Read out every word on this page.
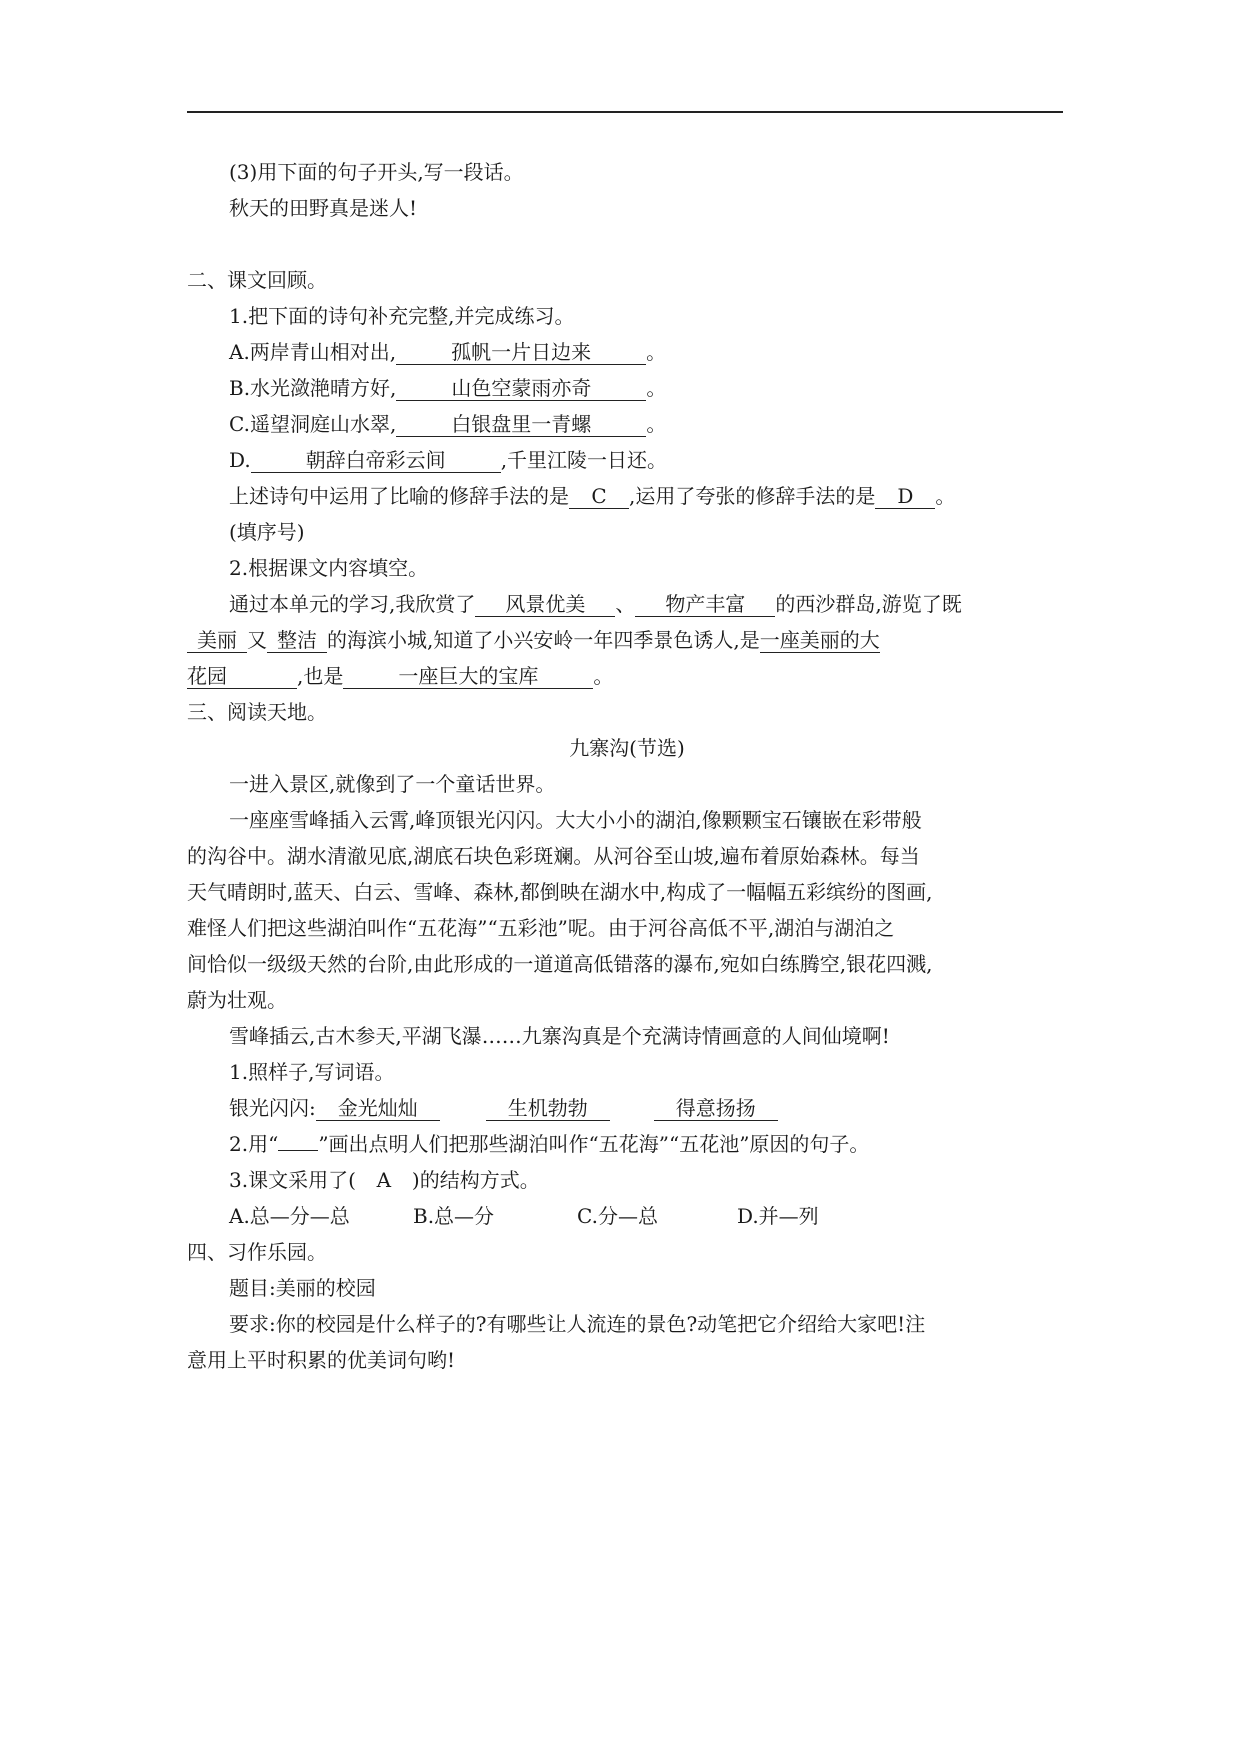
(3)用下面的句子开头,写一段话。
秋天的田野真是迷人!
二、课文回顾。
1.把下面的诗句补充完整,并完成练习。
A.两岸青山相对出,	孤帆一片日边来	。
B.水光潋滟晴方好,	山色空蒙雨亦奇	。
C.遥望洞庭山水翠,	白银盘里一青螺	。
D.	朝辞白帝彩云间	,千里江陵一日还。
上述诗句中运用了比喻的修辞手法的是 C ,运用了夸张的修辞手法的是 D 。
(填序号)
2.根据课文内容填空。
通过本单元的学习,我欣赏了 风景优美 、 物产丰富 的西沙群岛,游览了既
美丽 又 整洁 的海滨小城,知道了小兴安岭一年四季景色诱人,是一座美丽的大
花园	,也是	一座巨大的宝库	。
三、阅读天地。
九寨沟(节选)
一进入景区,就像到了一个童话世界。
一座座雪峰插入云霄,峰顶银光闪闪。大大小小的湖泊,像颗颗宝石镶嵌在彩带般
的沟谷中。湖水清澈见底,湖底石块色彩斑斓。从河谷至山坡,遍布着原始森林。每当
天气晴朗时,蓝天、白云、雪峰、森林,都倒映在湖水中,构成了一幅幅五彩缤纷的图画,
难怪人们把这些湖泊叫作“五花海”“五彩池”呢。由于河谷高低不平,湖泊与湖泊之
间恰似一级级天然的台阶,由此形成的一道道高低错落的瀑布,宛如白练腾空,银花四溅,
蔚为壮观。
雪峰插云,古木参天,平湖飞瀑……九寨沟真是个充满诗情画意的人间仙境啊!
1.照样子,写词语。
银光闪闪: 金光灿灿	生机勃勃	得意扬扬
2.用“ ”画出点明人们把那些湖泊叫作“五花海”“五花池”原因的句子。
3.课文采用了( A )的结构方式。
A.总—分—总	B.总—分	C.分—总	D.并—列
四、习作乐园。
题目:美丽的校园
要求:你的校园是什么样子的?有哪些让人流连的景色?动笔把它介绍给大家吧!注
意用上平时积累的优美词句哟!
